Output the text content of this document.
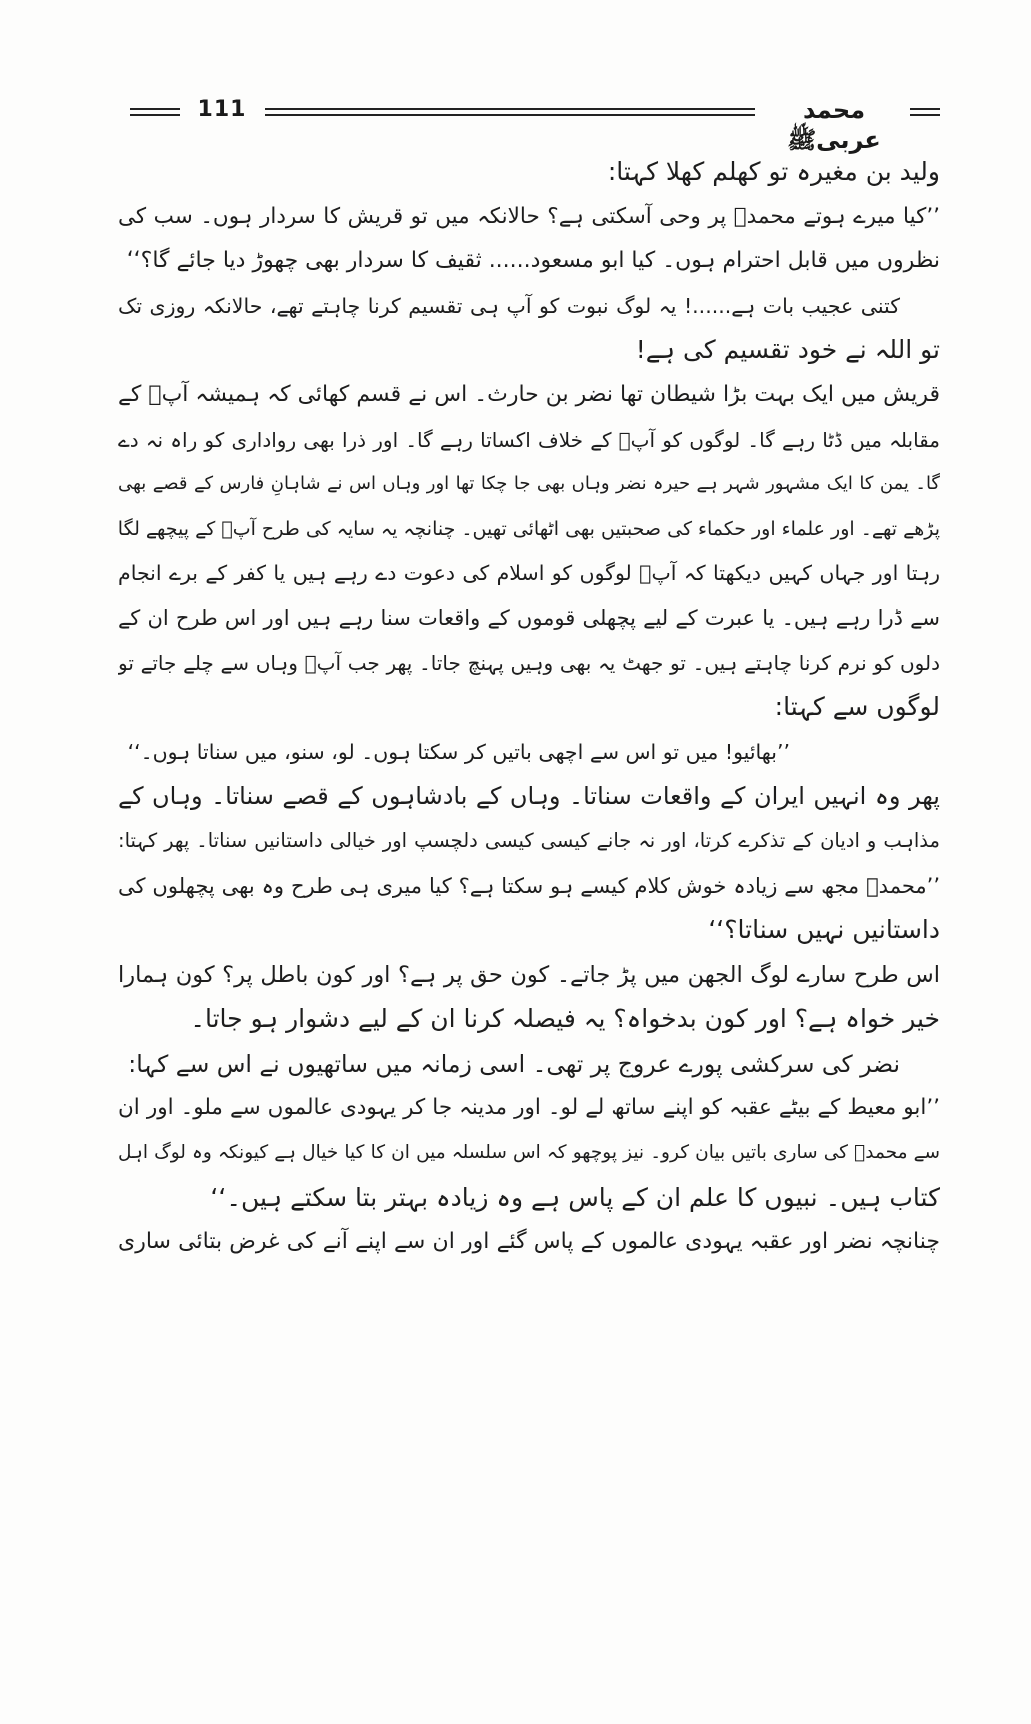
111	محمد عربیﷺ
ولید بن مغیرہ تو کھلم کھلا کہتا:
’’کیا میرے ہوتے محمدؐ پر وحی آسکتی ہے؟ حالانکہ میں تو قریش کا سردار ہوں۔ سب کی
نظروں میں قابل احترام ہوں۔ کیا ابو مسعود...... ثقیف کا سردار بھی چھوڑ دیا جائے گا؟‘‘
کتنی عجیب بات ہے......! یہ لوگ نبوت کو آپ ہی تقسیم کرنا چاہتے تھے، حالانکہ روزی تک
تو اللہ نے خود تقسیم کی ہے!
قریش میں ایک بہت بڑا شیطان تھا نضر بن حارث۔ اس نے قسم کھائی کہ ہمیشہ آپؐ کے
مقابلہ میں ڈٹا رہے گا۔ لوگوں کو آپؐ کے خلاف اکساتا رہے گا۔ اور ذرا بھی رواداری کو راہ نہ دے
گا۔ یمن کا ایک مشہور شہر ہے حیرہ نضر وہاں بھی جا چکا تھا اور وہاں اس نے شاہانِ فارس کے قصے بھی
پڑھے تھے۔ اور علماء اور حکماء کی صحبتیں بھی اٹھائی تھیں۔ چنانچہ یہ سایہ کی طرح آپؐ کے پیچھے لگا
رہتا اور جہاں کہیں دیکھتا کہ آپؐ لوگوں کو اسلام کی دعوت دے رہے ہیں یا کفر کے برے انجام
سے ڈرا رہے ہیں۔ یا عبرت کے لیے پچھلی قوموں کے واقعات سنا رہے ہیں اور اس طرح ان کے
دلوں کو نرم کرنا چاہتے ہیں۔ تو جھٹ یہ بھی وہیں پہنچ جاتا۔ پھر جب آپؐ وہاں سے چلے جاتے تو
لوگوں سے کہتا:
’’بھائیو! میں تو اس سے اچھی باتیں کر سکتا ہوں۔ لو، سنو، میں سناتا ہوں۔‘‘
پھر وہ انہیں ایران کے واقعات سناتا۔ وہاں کے بادشاہوں کے قصے سناتا۔ وہاں کے
مذاہب و ادیان کے تذکرے کرتا، اور نہ جانے کیسی کیسی دلچسپ اور خیالی داستانیں سناتا۔ پھر کہتا:
’’محمدؐ مجھ سے زیادہ خوش کلام کیسے ہو سکتا ہے؟ کیا میری ہی طرح وہ بھی پچھلوں کی
داستانیں نہیں سناتا؟‘‘
اس طرح سارے لوگ الجھن میں پڑ جاتے۔ کون حق پر ہے؟ اور کون باطل پر؟ کون ہمارا
خیر خواہ ہے؟ اور کون بدخواہ؟ یہ فیصلہ کرنا ان کے لیے دشوار ہو جاتا۔
نضر کی سرکشی پورے عروج پر تھی۔ اسی زمانہ میں ساتھیوں نے اس سے کہا:
’’ابو معیط کے بیٹے عقبہ کو اپنے ساتھ لے لو۔ اور مدینہ جا کر یہودی عالموں سے ملو۔ اور ان
سے محمدؐ کی ساری باتیں بیان کرو۔ نیز پوچھو کہ اس سلسلہ میں ان کا کیا خیال ہے کیونکہ وہ لوگ اہل
کتاب ہیں۔ نبیوں کا علم ان کے پاس ہے وہ زیادہ بہتر بتا سکتے ہیں۔‘‘
چنانچہ نضر اور عقبہ یہودی عالموں کے پاس گئے اور ان سے اپنے آنے کی غرض بتائی ساری
